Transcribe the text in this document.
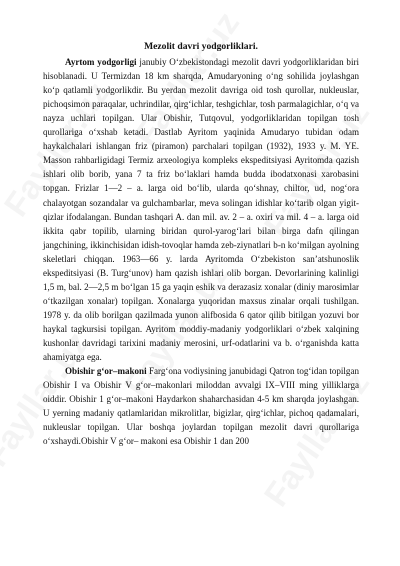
Mezolit davri yodgorliklari.

Ayrtom yodgorligi janubiy O‘zbekistondagi mezolit davri yodgorliklaridan biri hisoblanadi. U Termizdan 18 km sharqda, Amudaryoning o‘ng sohilida joylashgan ko‘p qatlamli yodgorlikdir. Bu yerdan mezolit davriga oid tosh qurollar, nukleuslar, pichoqsimon paraqalar, uchrindilar, qirg‘ichlar, teshgichlar, tosh parmalagichlar, o‘q va nayza uchlari topilgan. Ular Obishir, Tutqovul, yodgorliklaridan topilgan tosh qurollariga o‘xshab ketadi. Dastlab Ayritom yaqinida Amudaryo tubidan odam haykalchalari ishlangan friz (piramon) parchalari topilgan (1932), 1933 y. M. YE. Masson rahbarligidagi Termiz arxeologiya kompleks ekspeditsiyasi Ayritomda qazish ishlari olib borib, yana 7 ta friz bo‘laklari hamda budda ibodatxonasi xarobasini topgan. Frizlar 1—2 – a. larga oid bo‘lib, ularda qo‘shnay, chiltor, ud, nog‘ora chalayotgan sozandalar va gulchambarlar, meva solingan idishlar ko‘tarib olgan yigit-qizlar ifodalangan. Bundan tashqari A. dan mil. av. 2 – a. oxiri va mil. 4 – a. larga oid ikkita qabr topilib, ularning biridan qurol-yarog‘lari bilan birga dafn qilingan jangchining, ikkinchisidan idish-tovoqlar hamda zeb-ziynatlari b-n ko‘milgan ayolning skeletlari chiqqan. 1963—66 y. larda Ayritomda O‘zbekiston san’atshunoslik ekspeditsiyasi (B. Turg‘unov) ham qazish ishlari olib borgan. Devorlarining kalinligi 1,5 m, bal. 2—2,5 m bo‘lgan 15 ga yaqin eshik va derazasiz xonalar (diniy marosimlar o‘tkazilgan xonalar) topilgan. Xonalarga yuqoridan maxsus zinalar orqali tushilgan. 1978 y. da olib borilgan qazilmada yunon alifbosida 6 qator qilib bitilgan yozuvi bor haykal tagkursisi topilgan. Ayritom moddiy-madaniy yodgorliklari o‘zbek xalqining kushonlar davridagi tarixini madaniy merosini, urf-odatlarini va b. o‘rganishda katta ahamiyatga ega.

Obishir g‘or–makoni Farg‘ona vodiysining janubidagi Qatron tog‘idan topilgan Obishir I va Obishir V g‘or–makonlari miloddan avvalgi IX–VIII ming yilliklarga oiddir. Obishir 1 g‘or–makoni Haydarkon shaharchasidan 4-5 km sharqda joylashgan. U yerning madaniy qatlamlaridan mikrolitlar, bigizlar, qirg‘ichlar, pichoq qadamalari, nukleuslar topilgan. Ular boshqa joylardan topilgan mezolit davri qurollariga o‘xshaydi.Obishir V g‘or– makoni esa Obishir 1 dan 200
